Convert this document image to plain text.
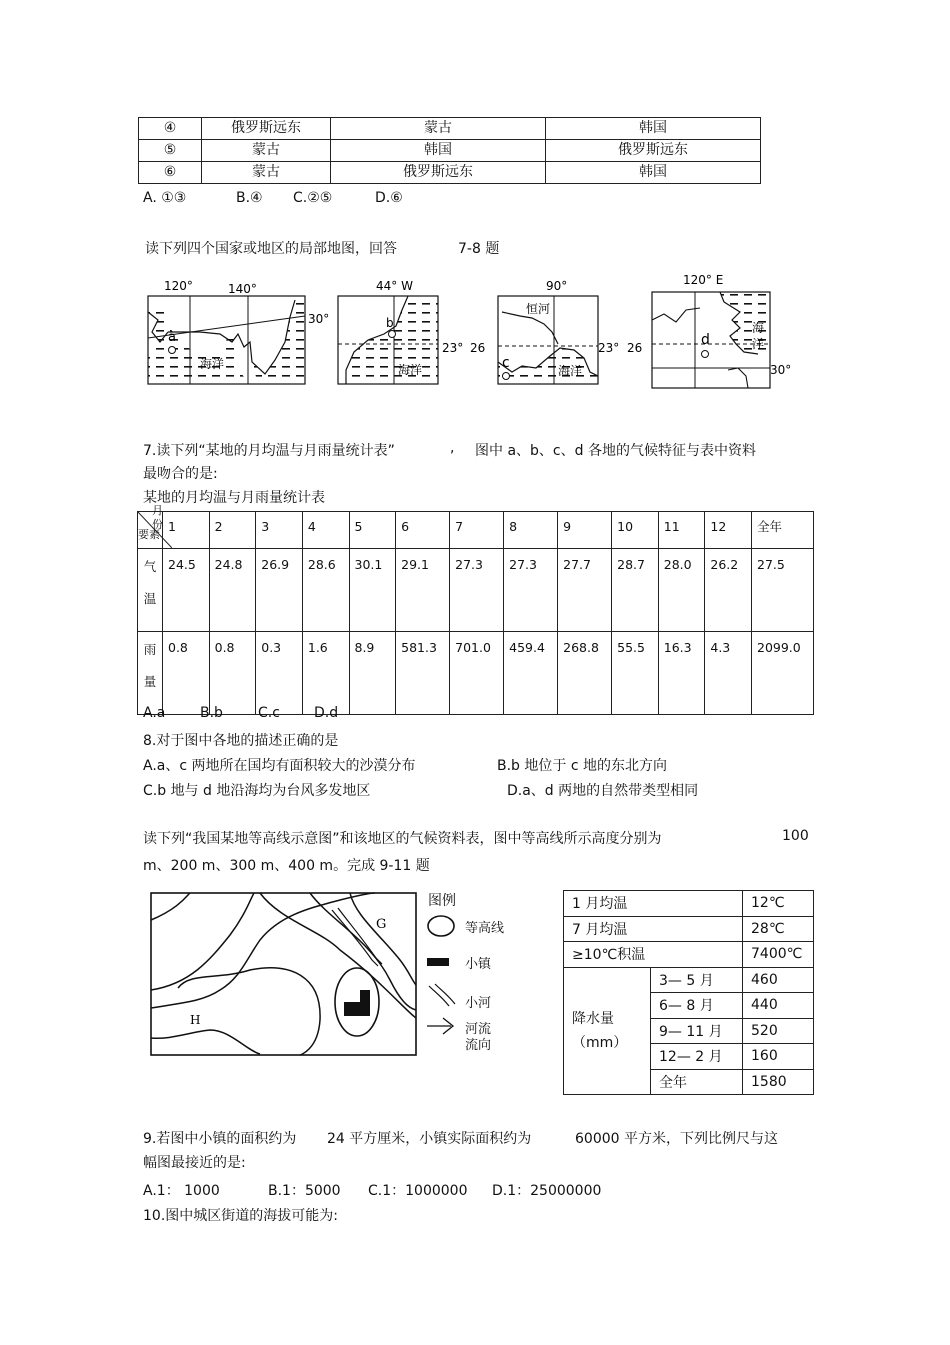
④	俄罗斯远东	蒙古	韩国
⑤	蒙古	韩国	俄罗斯远东
⑥	蒙古	俄罗斯远东	韩国
A. ①③	B.④ C.②⑤	D.⑥
读下列四个国家或地区的局部地图，回答	7-8 题
120°	140°
30°
a
海洋
44° W
23°
b
海洋
90°
26	23°
恒河
c	海洋
120° E
26
30°
d
海
洋
7.读下列“某地的月均温与月雨量统计表”	, 图中 a、b、c、d 各地的气候特征与表中资料
最吻合的是:
某地的月均温与月雨量统计表
月份
要素	1	2	3	4	5	6	7	8	9	10	11	12	全年
气
温	24.5	24.8	26.9	28.6	30.1	29.1	27.3	27.3	27.7	28.7	28.0	26.2	27.5
雨
量	0.8	0.8	0.3	1.6	8.9	581.3	701.0	459.4	268.8	55.5	16.3	4.3	2099.0
A.a B.b	C.c D.d
8.对于图中各地的描述正确的是
A.a、c 两地所在国均有面积较大的沙漠分布	B.b 地位于 c 地的东北方向
C.b 地与 d 地沿海均为台风多发地区	D.a、d 两地的自然带类型相同
读下列“我国某地等高线示意图”和该地区的气候资料表，图中等高线所示高度分别为	100
m、200 m、300 m、400 m。完成 9-11 题
G
H
图例
等高线
小镇
小河
河流
流向
1 月均温		12℃
7 月均温		28℃
≥10℃积温		7400℃
降水量
（mm）	3— 5 月	460
	6— 8 月	440
	9— 11 月	520
	12— 2 月	160
	全年	1580
9.若图中小镇的面积约为 24 平方厘米，小镇实际面积约为	60000 平方米，下列比例尺与这
幅图最接近的是:
A.1： 1000	B.1：5000 C.1：1000000 D.1：25000000
10.图中城区街道的海拔可能为:
